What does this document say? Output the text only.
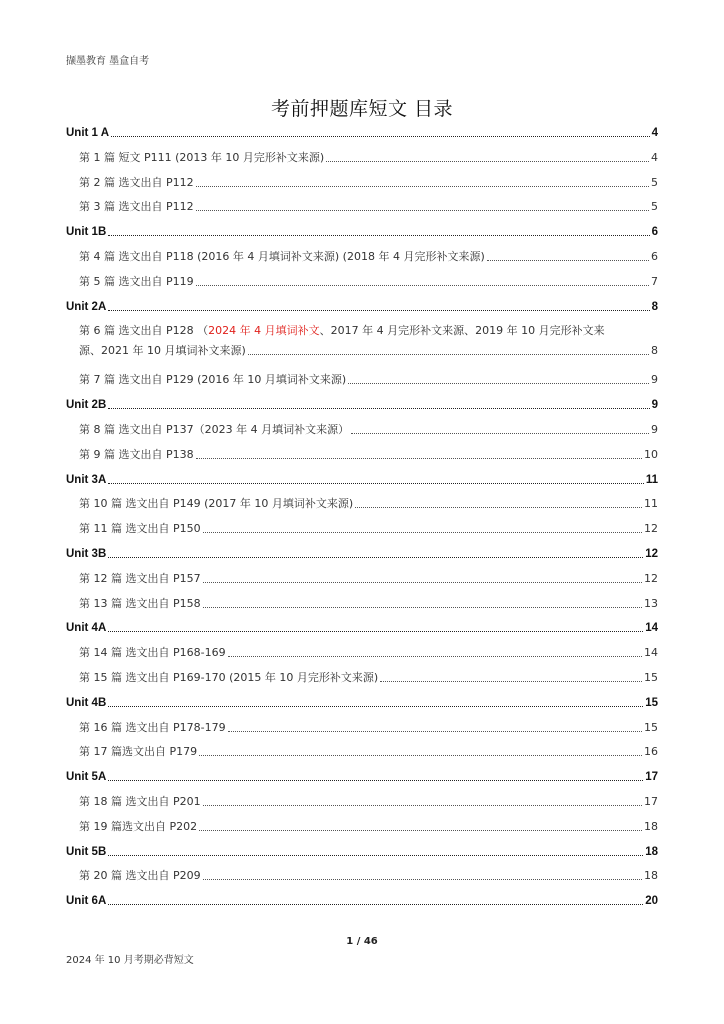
撷墨教育 墨盒自考
考前押题库短文 目录
Unit 1 A	4
第 1 篇 短文 P111 (2013 年 10 月完形补文来源)	4
第 2 篇 选文出自 P112	5
第 3 篇 选文出自 P112	5
Unit 1B	6
第 4 篇 选文出自 P118 (2016 年 4 月填词补文来源) (2018 年 4 月完形补文来源)	6
第 5 篇 选文出自 P119	7
Unit 2A	8
第 6 篇 选文出自 P128 （2024 年 4 月填词补文、2017 年 4 月完形补文来源、2019 年 10 月完形补文来
源、2021 年 10 月填词补文来源)	8
第 7 篇 选文出自 P129 (2016 年 10 月填词补文来源)	9
Unit 2B	9
第 8 篇 选文出自 P137（2023 年 4 月填词补文来源）	9
第 9 篇 选文出自 P138	10
Unit 3A	11
第 10 篇 选文出自 P149 (2017 年 10 月填词补文来源)	11
第 11 篇 选文出自 P150	12
Unit 3B	12
第 12 篇 选文出自 P157	12
第 13 篇 选文出自 P158	13
Unit 4A	14
第 14 篇 选文出自 P168-169	14
第 15 篇 选文出自 P169-170 (2015 年 10 月完形补文来源)	15
Unit 4B	15
第 16 篇 选文出自 P178-179	15
第 17 篇选文出自 P179	16
Unit 5A	17
第 18 篇 选文出自 P201	17
第 19 篇选文出自 P202	18
Unit 5B	18
第 20 篇 选文出自 P209	18
Unit 6A	20
1 / 46
2024 年 10 月考期必背短文
